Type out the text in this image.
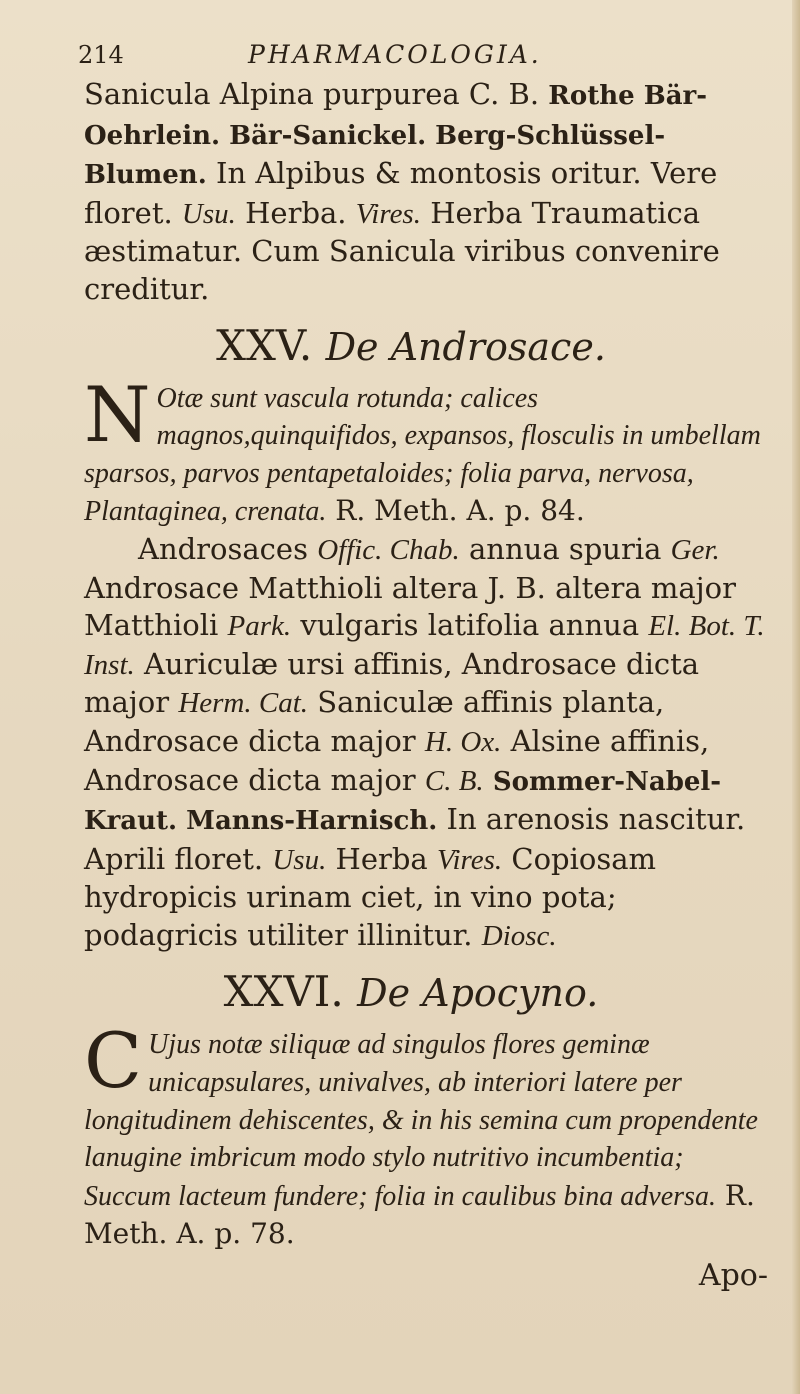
214	PHARMACOLOGIA.

Sanicula Alpina purpurea C. B. Rothe Bär-Oehrlein. Bär-Sanickel. Berg-Schlüssel-Blumen. In Alpibus & montosis oritur. Vere floret. Usu. Herba. Vires. Herba Traumatica æstimatur. Cum Sanicula viribus convenire creditur.

XXV. De Androsace.

N Otæ sunt vascula rotunda; calices magnos,quinquifidos, expansos, flosculis in umbellam sparsos, parvos pentapetaloides; folia parva, nervosa, Plantaginea, crenata. R. Meth. A. p. 84.

Androsaces Offic. Chab. annua spuria Ger. Androsace Matthioli altera J. B. altera major Matthioli Park. vulgaris latifolia annua El. Bot. T. Inst. Auriculæ ursi affinis, Androsace dicta major Herm. Cat. Saniculæ affinis planta, Androsace dicta major H. Ox. Alsine affinis, Androsace dicta major C. B. Sommer-Nabel-Kraut. Manns-Harnisch. In arenosis nascitur. Aprili floret. Usu. Herba Vires. Copiosam hydropicis urinam ciet, in vino pota; podagricis utiliter illinitur. Diosc.

XXVI. De Apocyno.

C Ujus notæ siliquæ ad singulos flores geminæ unicapsulares, univalves, ab interiori latere per longitudinem dehiscentes, & in his semina cum propendente lanugine imbricum modo stylo nutritivo incumbentia; Succum lacteum fundere; folia in caulibus bina adversa. R. Meth. A. p. 78.

Apo-
